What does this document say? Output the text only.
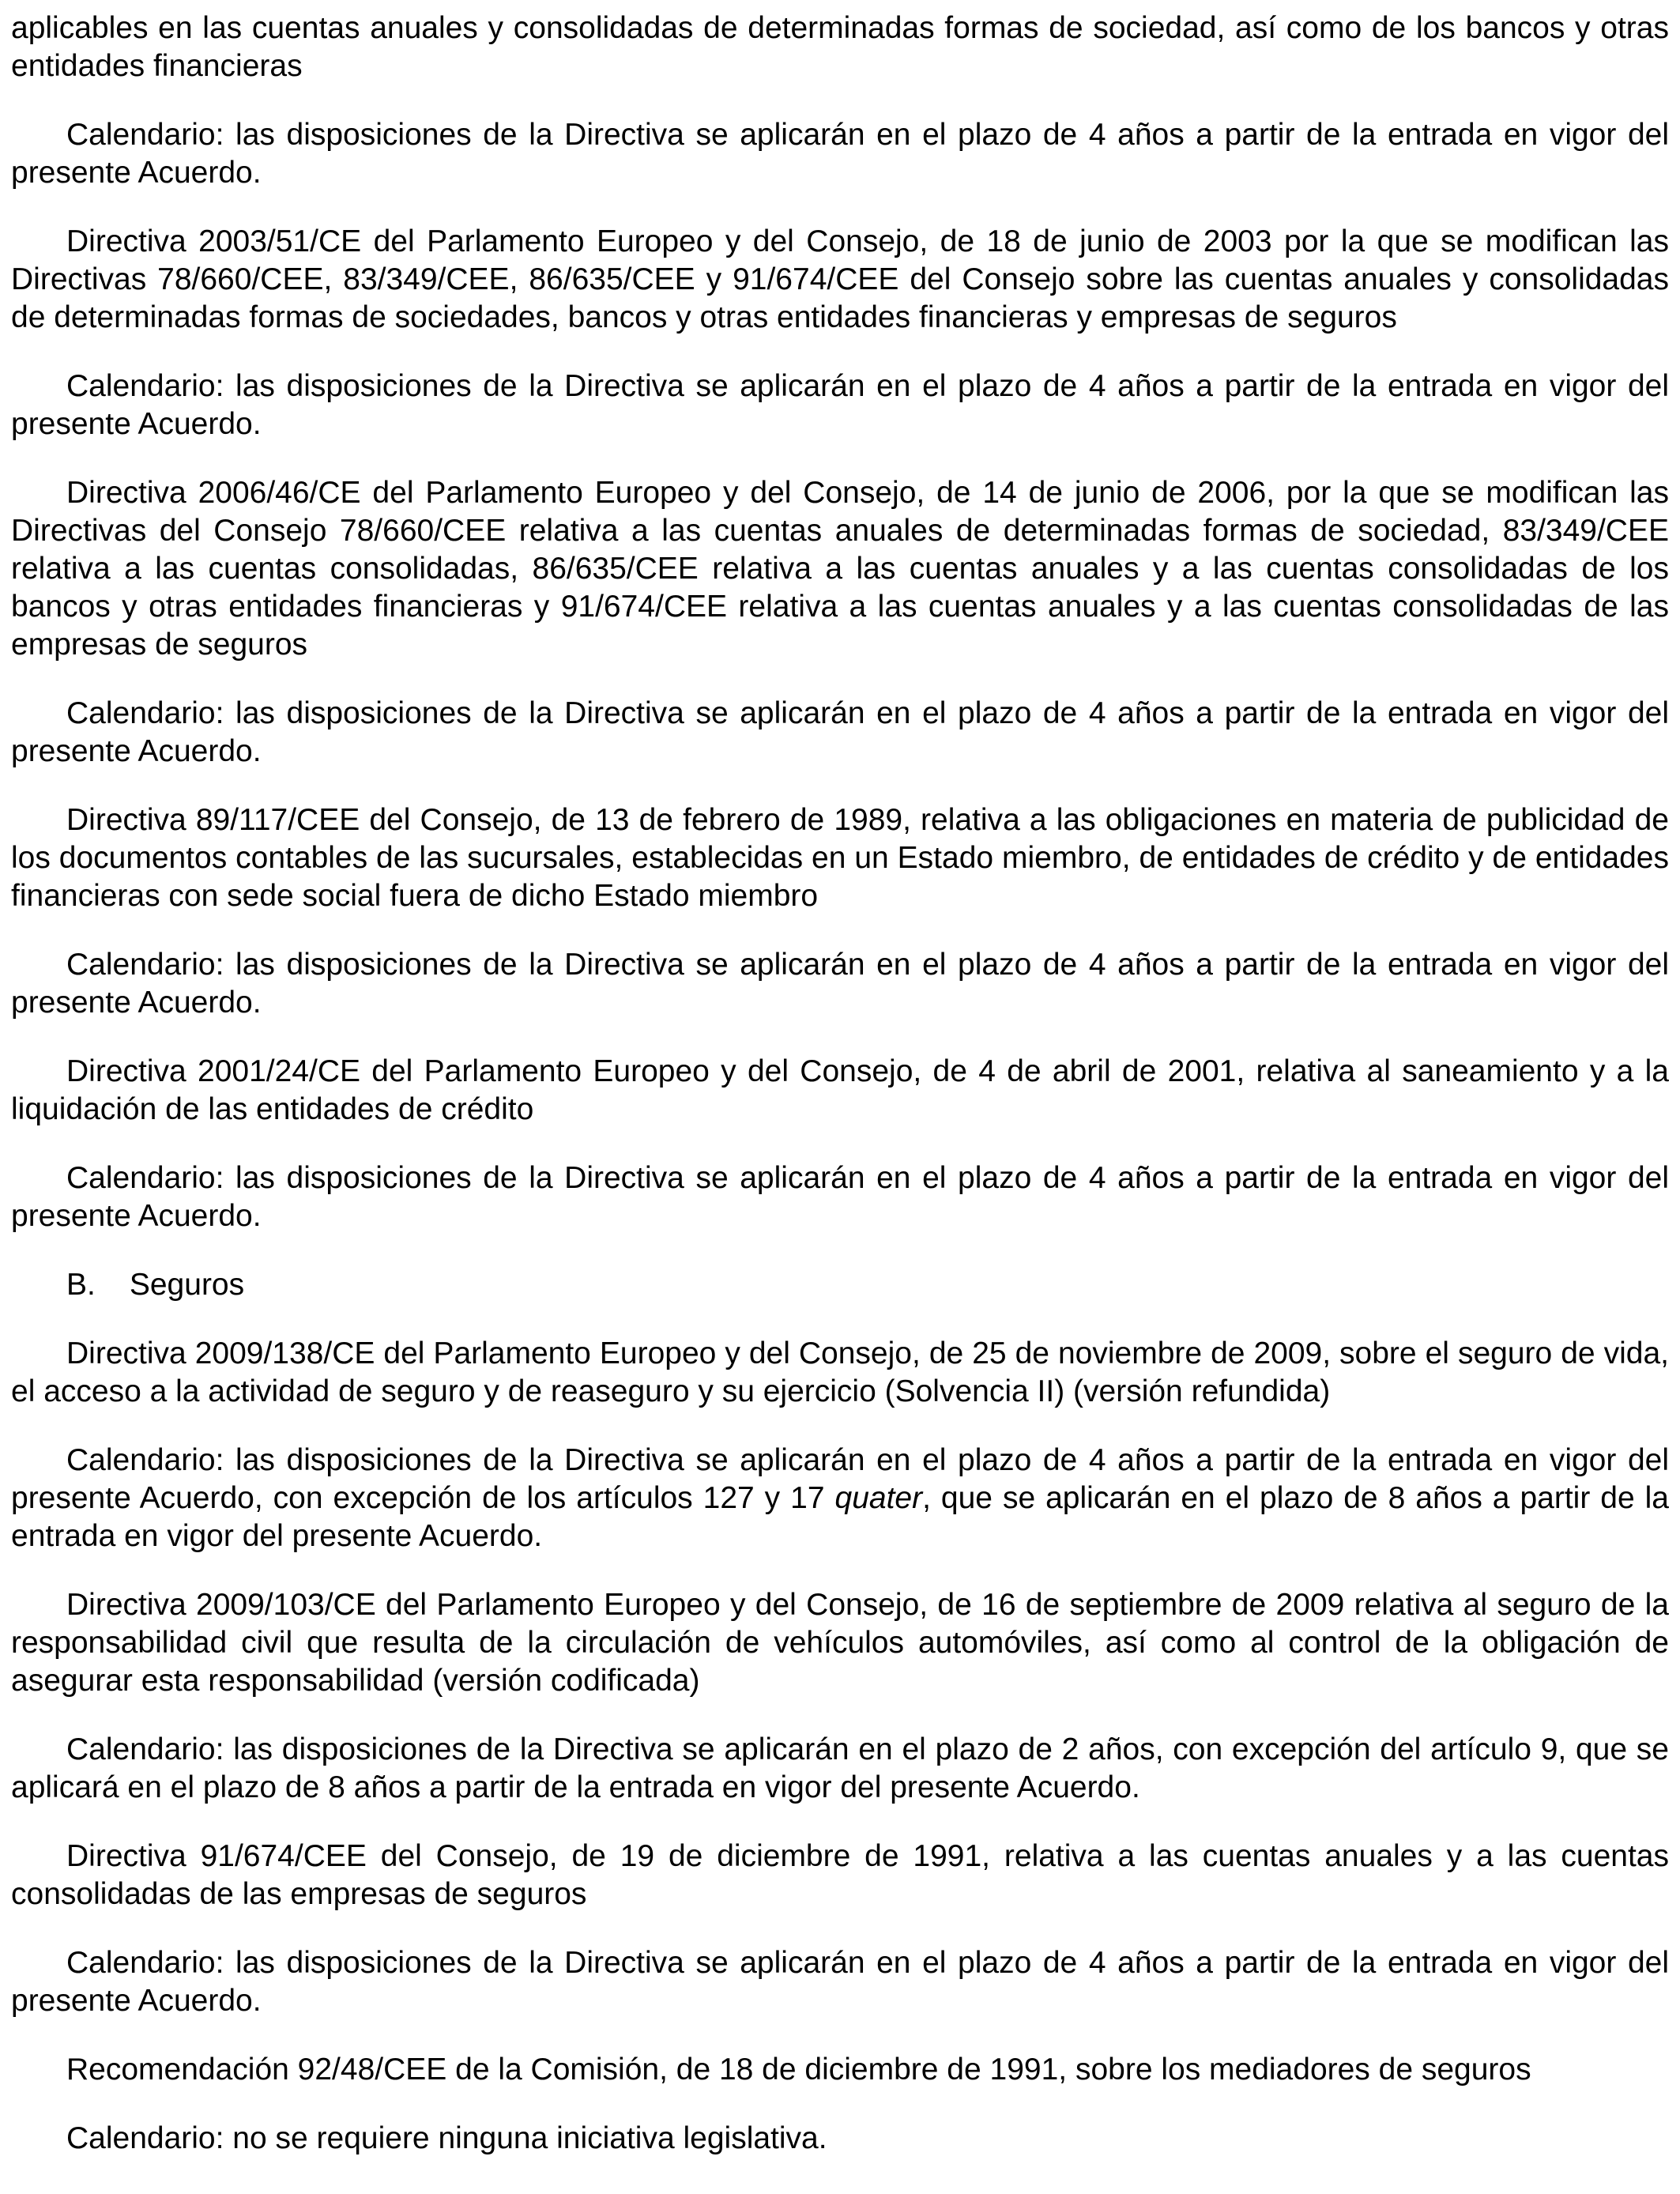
aplicables en las cuentas anuales y consolidadas de determinadas formas de sociedad, así como de los bancos y otras entidades financieras

Calendario: las disposiciones de la Directiva se aplicarán en el plazo de 4 años a partir de la entrada en vigor del presente Acuerdo.

Directiva 2003/51/CE del Parlamento Europeo y del Consejo, de 18 de junio de 2003 por la que se modifican las Directivas 78/660/CEE, 83/349/CEE, 86/635/CEE y 91/674/CEE del Consejo sobre las cuentas anuales y consolidadas de determinadas formas de sociedades, bancos y otras entidades financieras y empresas de seguros

Calendario: las disposiciones de la Directiva se aplicarán en el plazo de 4 años a partir de la entrada en vigor del presente Acuerdo.

Directiva 2006/46/CE del Parlamento Europeo y del Consejo, de 14 de junio de 2006, por la que se modifican las Directivas del Consejo 78/660/CEE relativa a las cuentas anuales de determinadas formas de sociedad, 83/349/CEE relativa a las cuentas consolidadas, 86/635/CEE relativa a las cuentas anuales y a las cuentas consolidadas de los bancos y otras entidades financieras y 91/674/CEE relativa a las cuentas anuales y a las cuentas consolidadas de las empresas de seguros

Calendario: las disposiciones de la Directiva se aplicarán en el plazo de 4 años a partir de la entrada en vigor del presente Acuerdo.

Directiva 89/117/CEE del Consejo, de 13 de febrero de 1989, relativa a las obligaciones en materia de publicidad de los documentos contables de las sucursales, establecidas en un Estado miembro, de entidades de crédito y de entidades financieras con sede social fuera de dicho Estado miembro

Calendario: las disposiciones de la Directiva se aplicarán en el plazo de 4 años a partir de la entrada en vigor del presente Acuerdo.

Directiva 2001/24/CE del Parlamento Europeo y del Consejo, de 4 de abril de 2001, relativa al saneamiento y a la liquidación de las entidades de crédito

Calendario: las disposiciones de la Directiva se aplicarán en el plazo de 4 años a partir de la entrada en vigor del presente Acuerdo.

B. Seguros

Directiva 2009/138/CE del Parlamento Europeo y del Consejo, de 25 de noviembre de 2009, sobre el seguro de vida, el acceso a la actividad de seguro y de reaseguro y su ejercicio (Solvencia II) (versión refundida)

Calendario: las disposiciones de la Directiva se aplicarán en el plazo de 4 años a partir de la entrada en vigor del presente Acuerdo, con excepción de los artículos 127 y 17 quater, que se aplicarán en el plazo de 8 años a partir de la entrada en vigor del presente Acuerdo.

Directiva 2009/103/CE del Parlamento Europeo y del Consejo, de 16 de septiembre de 2009 relativa al seguro de la responsabilidad civil que resulta de la circulación de vehículos automóviles, así como al control de la obligación de asegurar esta responsabilidad (versión codificada)

Calendario: las disposiciones de la Directiva se aplicarán en el plazo de 2 años, con excepción del artículo 9, que se aplicará en el plazo de 8 años a partir de la entrada en vigor del presente Acuerdo.

Directiva 91/674/CEE del Consejo, de 19 de diciembre de 1991, relativa a las cuentas anuales y a las cuentas consolidadas de las empresas de seguros

Calendario: las disposiciones de la Directiva se aplicarán en el plazo de 4 años a partir de la entrada en vigor del presente Acuerdo.

Recomendación 92/48/CEE de la Comisión, de 18 de diciembre de 1991, sobre los mediadores de seguros

Calendario: no se requiere ninguna iniciativa legislativa.
